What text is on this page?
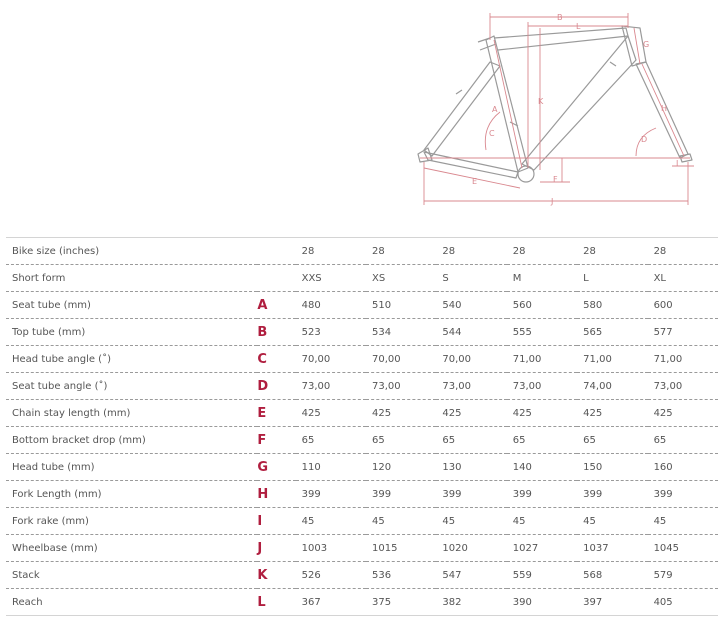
A
B
C
D
E	F
G
H
I
J
K
L
Bike size (inches)		28	28	28	28	28	28
Short form		XXS	XS	S	M	L	XL
Seat tube (mm)	A	480	510	540	560	580	600
Top tube (mm)	B	523	534	544	555	565	577
Head tube angle (˚)	C	70,00	70,00	70,00	71,00	71,00	71,00
Seat tube angle (˚)	D	73,00	73,00	73,00	73,00	74,00	73,00
Chain stay length (mm)	E	425	425	425	425	425	425
Bottom bracket drop (mm)	F	65	65	65	65	65	65
Head tube (mm)	G	110	120	130	140	150	160
Fork Length (mm)	H	399	399	399	399	399	399
Fork rake (mm)	I	45	45	45	45	45	45
Wheelbase (mm)	J	1003	1015	1020	1027	1037	1045
Stack	K	526	536	547	559	568	579
Reach	L	367	375	382	390	397	405
